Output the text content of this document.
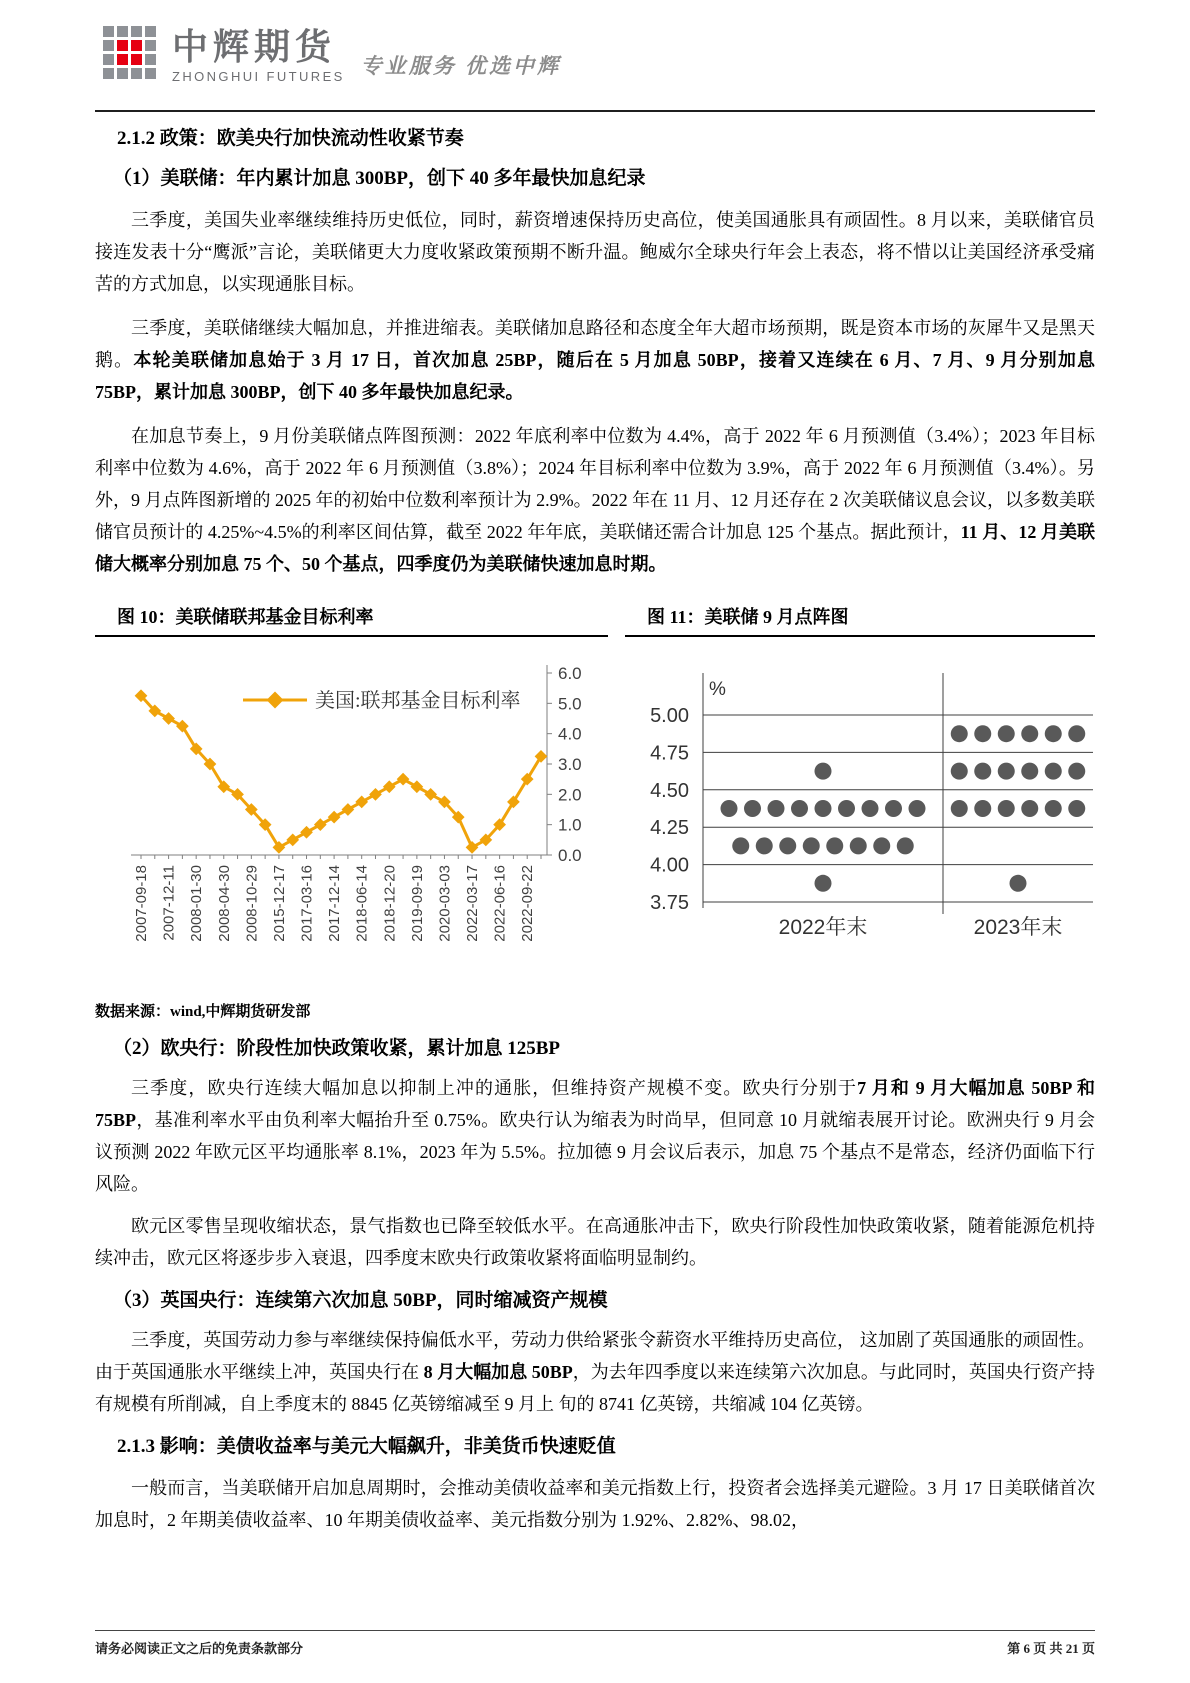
中辉期货
ZHONGHUI FUTURES 专业服务 优选中辉
2.1.2 政策：欧美央行加快流动性收紧节奏
（1）美联储：年内累计加息 300BP，创下 40 多年最快加息纪录

三季度，美国失业率继续维持历史低位，同时，薪资增速保持历史高位，使美国通胀具有顽固性。8 月以来，美联储官员接连发表十分“鹰派”言论，美联储更大力度收紧政策预期不断升温。鲍威尔全球央行年会上表态，将不惜以让美国经济承受痛苦的方式加息，以实现通胀目标。

三季度，美联储继续大幅加息，并推进缩表。美联储加息路径和态度全年大超市场预期，既是资本市场的灰犀牛又是黑天鹅。本轮美联储加息始于 3 月 17 日，首次加息 25BP，随后在 5 月加息 50BP，接着又连续在 6 月、7 月、9 月分别加息 75BP，累计加息 300BP，创下 40 多年最快加息纪录。

在加息节奏上，9 月份美联储点阵图预测：2022 年底利率中位数为 4.4%，高于 2022 年 6 月预测值（3.4%）；2023 年目标利率中位数为 4.6%，高于 2022 年 6 月预测值（3.8%）；2024 年目标利率中位数为 3.9%，高于 2022 年 6 月预测值（3.4%）。另外，9 月点阵图新增的 2025 年的初始中位数利率预计为 2.9%。2022 年在 11 月、12 月还存在 2 次美联储议息会议，以多数美联储官员预计的 4.25%~4.5%的利率区间估算，截至 2022 年年底，美联储还需合计加息 125 个基点。据此预计，11 月、12 月美联储大概率分别加息 75 个、50 个基点，四季度仍为美联储快速加息时期。

图 10：美联储联邦基金目标利率
0.0
1.0
2.0
3.0
4.0
5.0
6.0
2007-09-18 2007-12-11 2008-01-30 2008-04-30 2008-10-29 2015-12-17 2017-03-16 2017-12-14 2018-06-14 2018-12-20 2019-09-19 2020-03-03 2022-03-17 2022-06-16 2022-09-22
美国:联邦基金目标利率
图 11：美联储 9 月点阵图
5.00
4.75
4.50
4.25
4.00
3.75
%
2022年末	2023年末
数据来源：wind,中辉期货研发部
（2）欧央行：阶段性加快政策收紧，累计加息 125BP

三季度，欧央行连续大幅加息以抑制上冲的通胀，但维持资产规模不变。欧央行分别于7 月和 9 月大幅加息 50BP 和 75BP，基准利率水平由负利率大幅抬升至 0.75%。欧央行认为缩表为时尚早，但同意 10 月就缩表展开讨论。欧洲央行 9 月会议预测 2022 年欧元区平均通胀率 8.1%，2023 年为 5.5%。拉加德 9 月会议后表示，加息 75 个基点不是常态，经济仍面临下行风险。

欧元区零售呈现收缩状态，景气指数也已降至较低水平。在高通胀冲击下，欧央行阶段性加快政策收紧，随着能源危机持续冲击，欧元区将逐步步入衰退，四季度末欧央行政策收紧将面临明显制约。

（3）英国央行：连续第六次加息 50BP，同时缩减资产规模

三季度，英国劳动力参与率继续保持偏低水平，劳动力供给紧张令薪资水平维持历史高位， 这加剧了英国通胀的顽固性。由于英国通胀水平继续上冲，英国央行在 8 月大幅加息 50BP，为去年四季度以来连续第六次加息。与此同时，英国央行资产持有规模有所削减，自上季度末的 8845 亿英镑缩减至 9 月上 旬的 8741 亿英镑，共缩减 104 亿英镑。

2.1.3 影响：美债收益率与美元大幅飙升，非美货币快速贬值

一般而言，当美联储开启加息周期时，会推动美债收益率和美元指数上行，投资者会选择美元避险。3 月 17 日美联储首次加息时，2 年期美债收益率、10 年期美债收益率、美元指数分别为 1.92%、2.82%、98.02，

请务必阅读正文之后的免责条款部分	第 6 页 共 21 页
